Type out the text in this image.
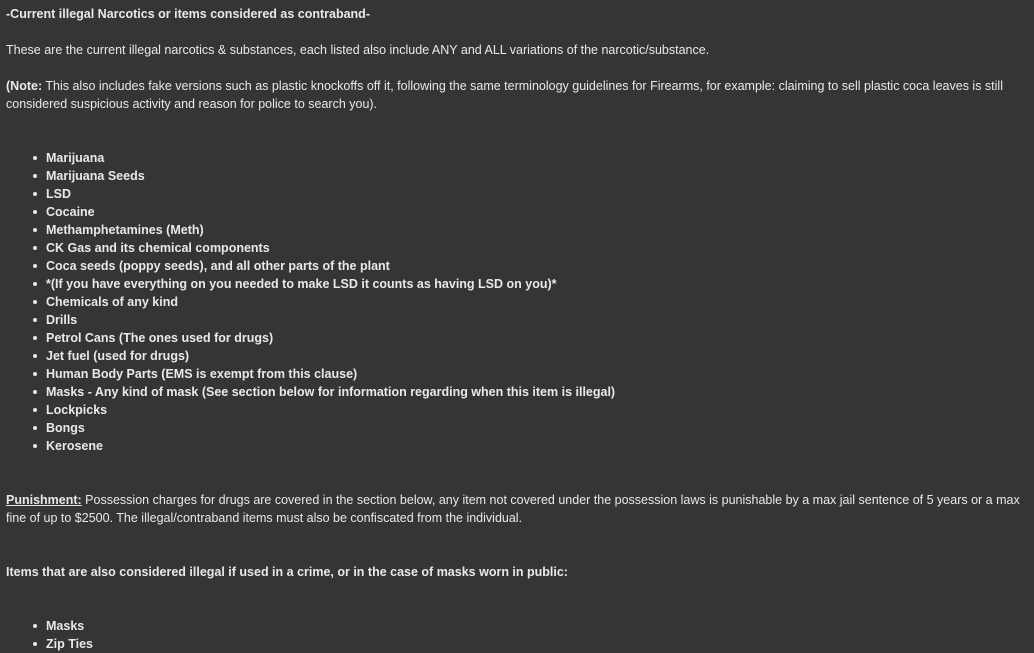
-Current illegal Narcotics or items considered as contraband-

These are the current illegal narcotics & substances, each listed also include ANY and ALL variations of the narcotic/substance.

(Note: This also includes fake versions such as plastic knockoffs off it, following the same terminology guidelines for Firearms, for example: claiming to sell plastic coca leaves is still considered suspicious activity and reason for police to search you).

Marijuana
Marijuana Seeds
LSD
Cocaine
Methamphetamines (Meth)
CK Gas and its chemical components
Coca seeds (poppy seeds), and all other parts of the plant
*(If you have everything on you needed to make LSD it counts as having LSD on you)*
Chemicals of any kind
Drills
Petrol Cans (The ones used for drugs)
Jet fuel (used for drugs)
Human Body Parts (EMS is exempt from this clause)
Masks - Any kind of mask (See section below for information regarding when this item is illegal)
Lockpicks
Bongs
Kerosene

Punishment: Possession charges for drugs are covered in the section below, any item not covered under the possession laws is punishable by a max jail sentence of 5 years or a max fine of up to $2500. The illegal/contraband items must also be confiscated from the individual.

Items that are also considered illegal if used in a crime, or in the case of masks worn in public:

Masks
Zip Ties
